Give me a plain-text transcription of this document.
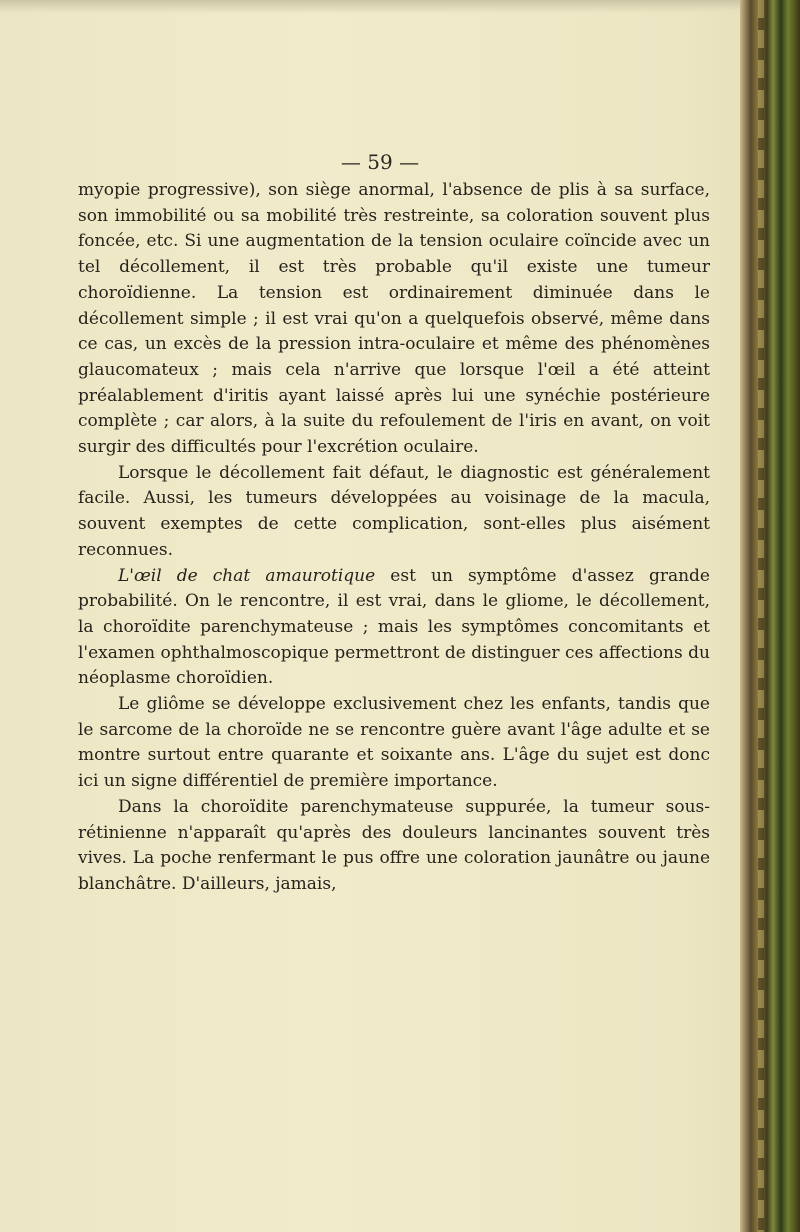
— 59 —

myopie progressive), son siège anormal, l'absence de plis à sa surface, son immobilité ou sa mobilité très restreinte, sa coloration souvent plus foncée, etc. Si une augmentation de la tension oculaire coïncide avec un tel décollement, il est très probable qu'il existe une tumeur choroïdienne. La tension est ordinairement diminuée dans le décollement simple ; il est vrai qu'on a quelquefois observé, même dans ce cas, un excès de la pression intra-oculaire et même des phénomènes glaucomateux ; mais cela n'arrive que lorsque l'œil a été atteint préalablement d'iritis ayant laissé après lui une synéchie postérieure complète ; car alors, à la suite du refoulement de l'iris en avant, on voit surgir des difficultés pour l'excrétion oculaire.

Lorsque le décollement fait défaut, le diagnostic est généralement facile. Aussi, les tumeurs développées au voisinage de la macula, souvent exemptes de cette complication, sont-elles plus aisément reconnues.

L'œil de chat amaurotique est un symptôme d'assez grande probabilité. On le rencontre, il est vrai, dans le gliome, le décollement, la choroïdite parenchymateuse ; mais les symptômes concomitants et l'examen ophthalmoscopique permettront de distinguer ces affections du néoplasme choroïdien.

Le gliôme se développe exclusivement chez les enfants, tandis que le sarcome de la choroïde ne se rencontre guère avant l'âge adulte et se montre surtout entre quarante et soixante ans. L'âge du sujet est donc ici un signe différentiel de première importance.

Dans la choroïdite parenchymateuse suppurée, la tumeur sous-rétinienne n'apparaît qu'après des douleurs lancinantes souvent très vives. La poche renfermant le pus offre une coloration jaunâtre ou jaune blanchâtre. D'ailleurs, jamais,
